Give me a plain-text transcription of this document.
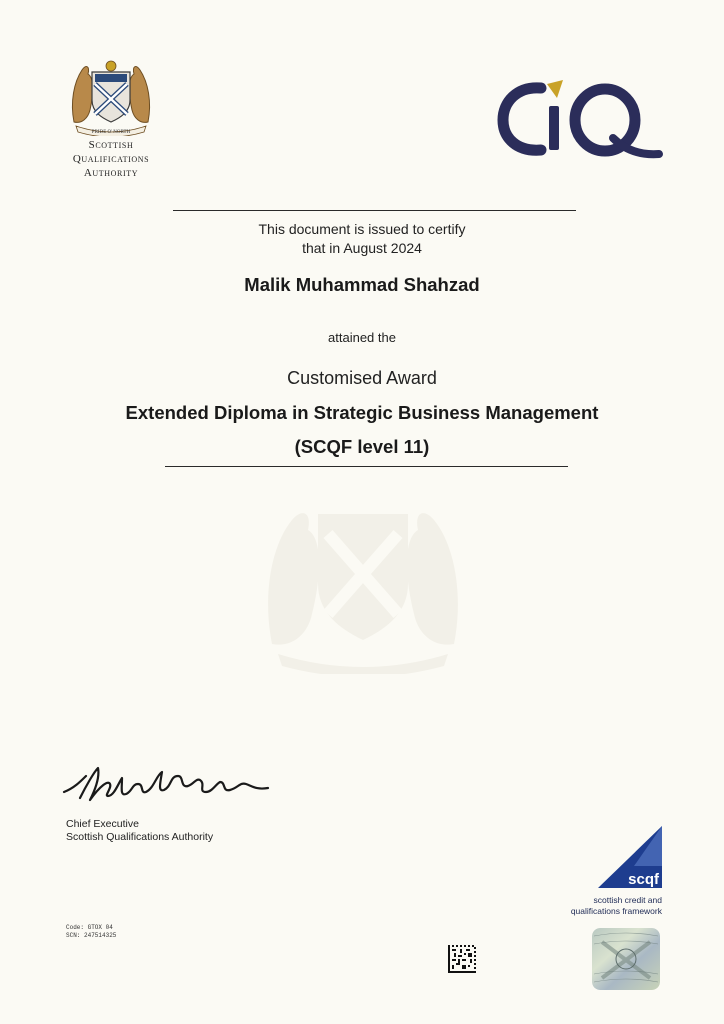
PRIDE O' NORTH
Scottish
Qualifications
Authority
CIQ
This document is issued to certify
that in August 2024
Malik Muhammad Shahzad
attained the
Customised Award
Extended Diploma in Strategic Business Management
(SCQF level 11)
Chief Executive
Scottish Qualifications Authority
Code: GTOX 04
SCN: 247514325
scqf
scottish credit and
qualifications framework
